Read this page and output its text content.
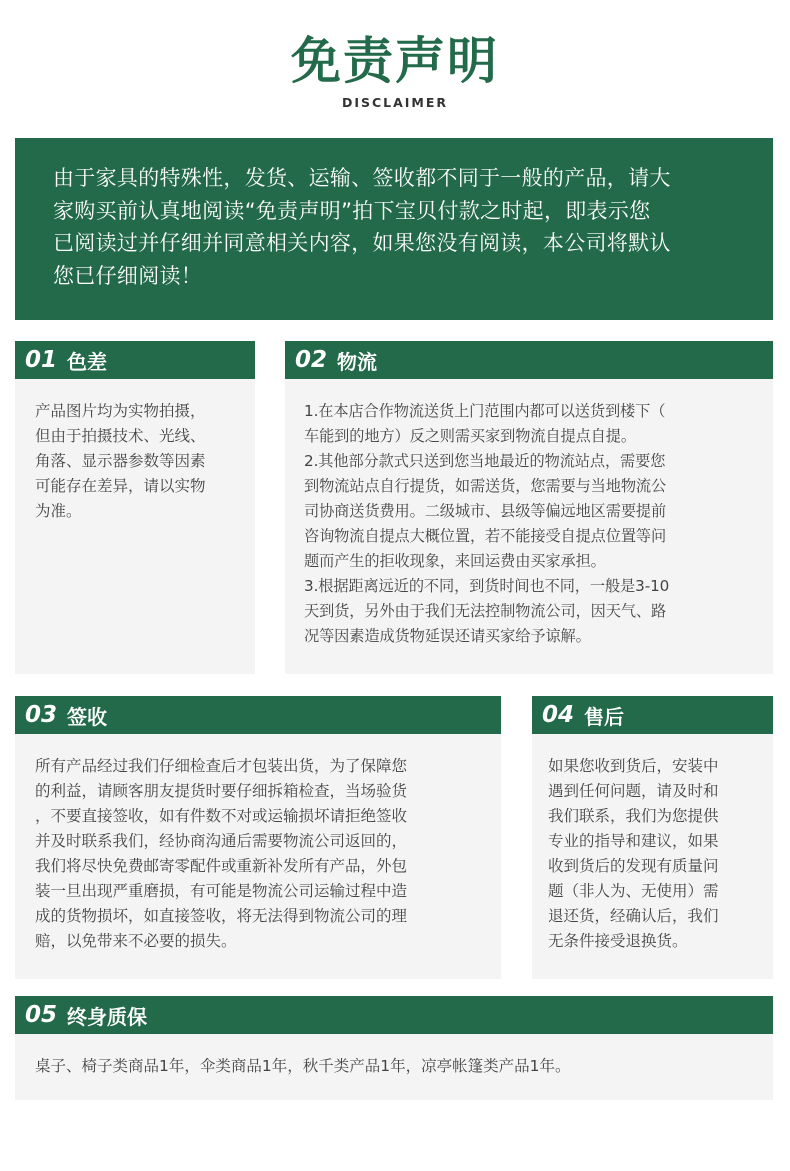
免责声明
DISCLAIMER

由于家具的特殊性，发货、运输、签收都不同于一般的产品，请大

家购买前认真地阅读“免责声明”拍下宝贝付款之时起，即表示您

已阅读过并仔细并同意相关内容，如果您没有阅读，本公司将默认

您已仔细阅读！

01 色差

产品图片均为实物拍摄，

但由于拍摄技术、光线、

角落、显示器参数等因素

可能存在差异，请以实物

为准。

02 物流

1.在本店合作物流送货上门范围内都可以送货到楼下（

车能到的地方）反之则需买家到物流自提点自提。

2.其他部分款式只送到您当地最近的物流站点，需要您

到物流站点自行提货，如需送货，您需要与当地物流公

司协商送货费用。二级城市、县级等偏远地区需要提前

咨询物流自提点大概位置，若不能接受自提点位置等问

题而产生的拒收现象，来回运费由买家承担。

3.根据距离远近的不同，到货时间也不同，一般是3-10

天到货，另外由于我们无法控制物流公司，因天气、路

况等因素造成货物延误还请买家给予谅解。

03 签收

所有产品经过我们仔细检查后才包装出货，为了保障您

的利益，请顾客朋友提货时要仔细拆箱检查，当场验货

，不要直接签收，如有件数不对或运输损坏请拒绝签收

并及时联系我们，经协商沟通后需要物流公司返回的，

我们将尽快免费邮寄零配件或重新补发所有产品，外包

装一旦出现严重磨损，有可能是物流公司运输过程中造

成的货物损坏，如直接签收，将无法得到物流公司的理

赔，以免带来不必要的损失。

04 售后

如果您收到货后，安装中

遇到任何问题，请及时和

我们联系，我们为您提供

专业的指导和建议，如果

收到货后的发现有质量问

题（非人为、无使用）需

退还货，经确认后，我们

无条件接受退换货。

05 终身质保

桌子、椅子类商品1年，伞类商品1年，秋千类产品1年，凉亭帐篷类产品1年。
